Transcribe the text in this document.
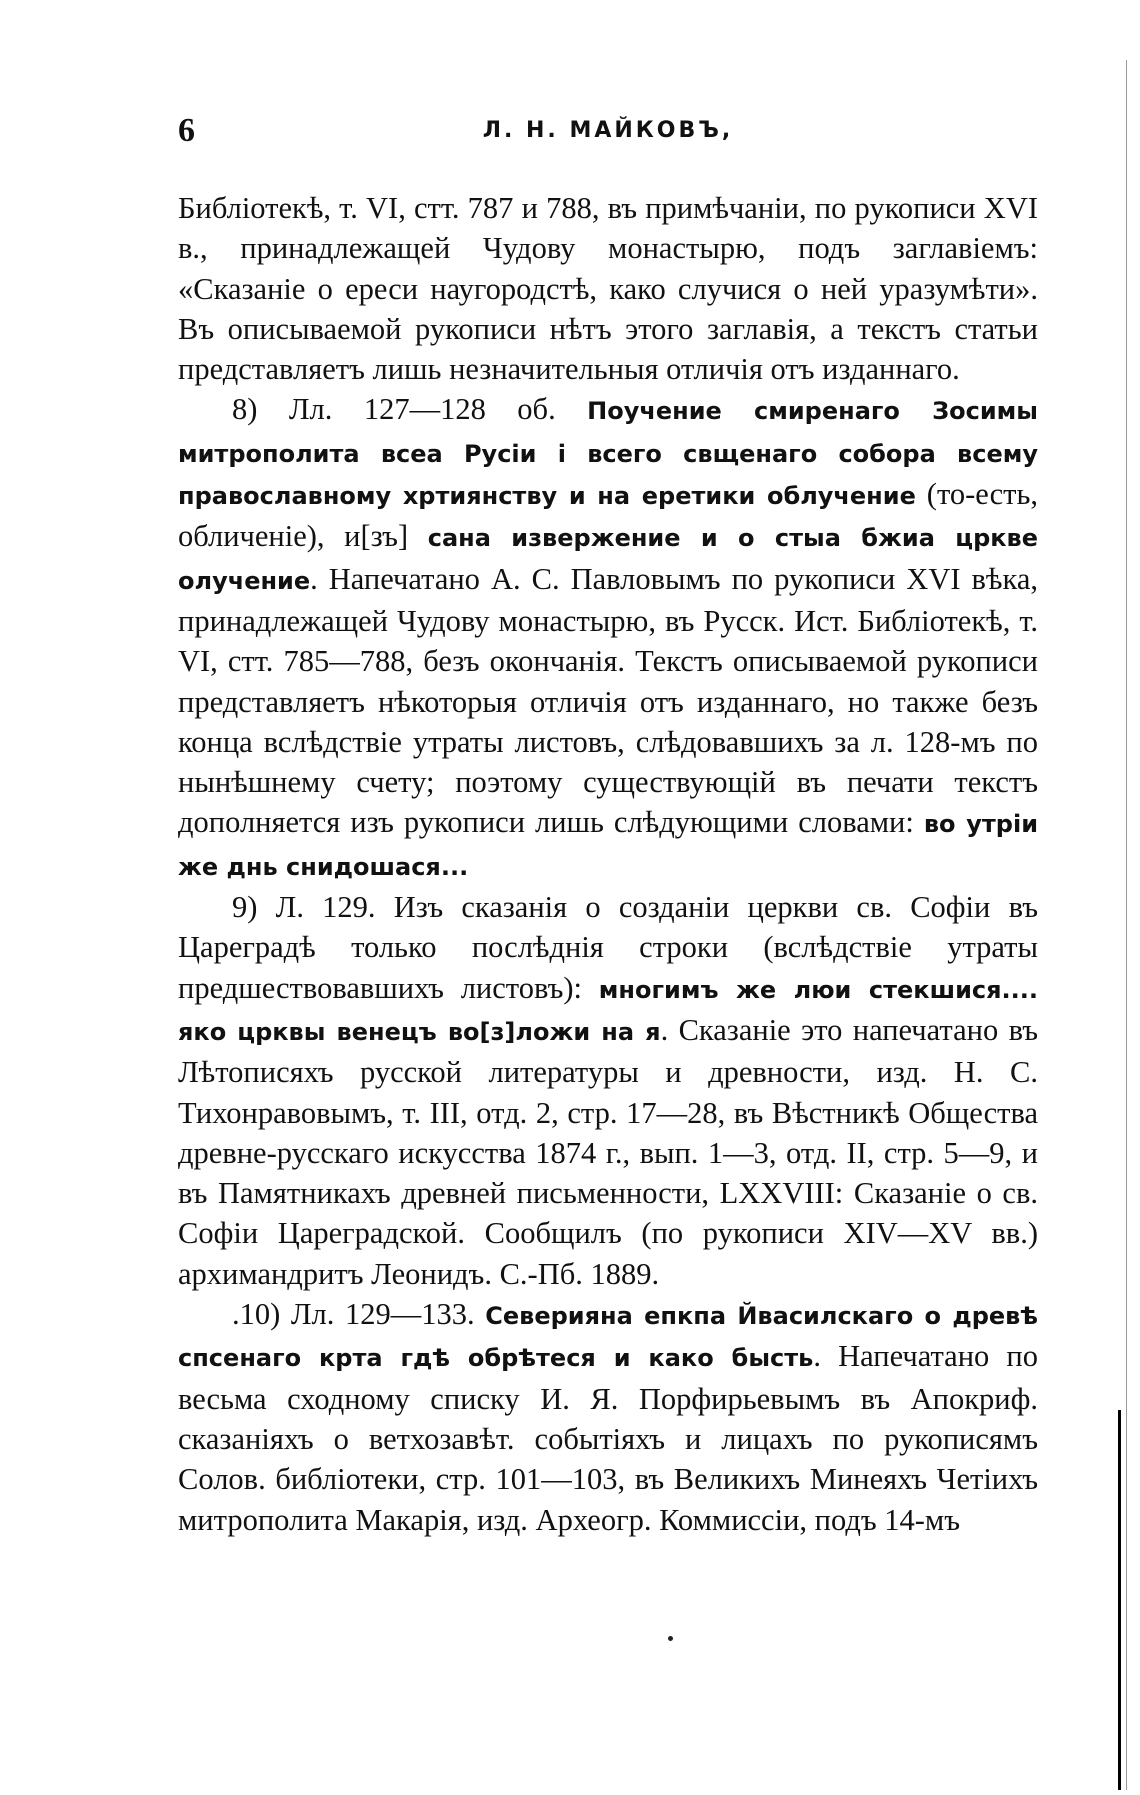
6	Л. Н. МАЙКОВЪ,

Библіотекѣ, т. VI, стт. 787 и 788, въ примѣчаніи, по рукописи XVI в., принадлежащей Чудову монастырю, подъ заглавіемъ: «Сказаніе о ереси наугородстѣ, како случися о ней уразумѣти». Въ описываемой рукописи нѣтъ этого заглавія, а текстъ статьи представляетъ лишь незначительныя отличія отъ изданнаго.

8) Лл. 127—128 об. Поучение смиренаго Зосимы митрополита всеа Русіи і всего свщенаго собора всему православному хртиянству и на еретики облучение (то-есть, обличеніе), и[зъ] сана извержение и о стыа бжиа црквe олучение. Напечатано А. С. Павловымъ по рукописи XVI вѣка, принадлежащей Чудову монастырю, въ Русск. Ист. Библіотекѣ, т. VI, стт. 785—788, безъ окончанія. Текстъ описываемой рукописи представляетъ нѣкоторыя отличія отъ изданнаго, но также безъ конца вслѣдствіе утраты листовъ, слѣдовавшихъ за л. 128-мъ по нынѣшнему счету; поэтому существующій въ печати текстъ дополняется изъ рукописи лишь слѣдующими словами: во утріи же днь снидошася...

9) Л. 129. Изъ сказанія о созданіи церкви св. Софіи въ Цареградѣ только послѣднія строки (вслѣдствіе утраты предшествовавшихъ листовъ): многимъ же люи стекшися.... яко црквы венецъ во[з]ложи на я. Сказаніе это напечатано въ Лѣтописяхъ русской литературы и древности, изд. Н. С. Тихонравовымъ, т. III, отд. 2, стр. 17—28, въ Вѣстникѣ Общества древне-русскаго искусства 1874 г., вып. 1—3, отд. II, стр. 5—9, и въ Памятникахъ древней письменности, LXXVIII: Сказаніе о св. Софіи Цареградской. Сообщилъ (по рукописи XIV—XV вв.) архимандритъ Леонидъ. С.-Пб. 1889.

.10) Лл. 129—133. Северияна епкпа Йвасилскаго о древѣ спсенаго крта гдѣ обрѣтеся и како бысть. Напечатано по весьма сходному списку И. Я. Порфирьевымъ въ Апокриф. сказаніяхъ о ветхозавѣт. событіяхъ и лицахъ по рукописямъ Солов. библіотеки, стр. 101—103, въ Великихъ Минеяхъ Четіихъ митрополита Макарія, изд. Археогр. Коммиссіи, подъ 14-мъ
